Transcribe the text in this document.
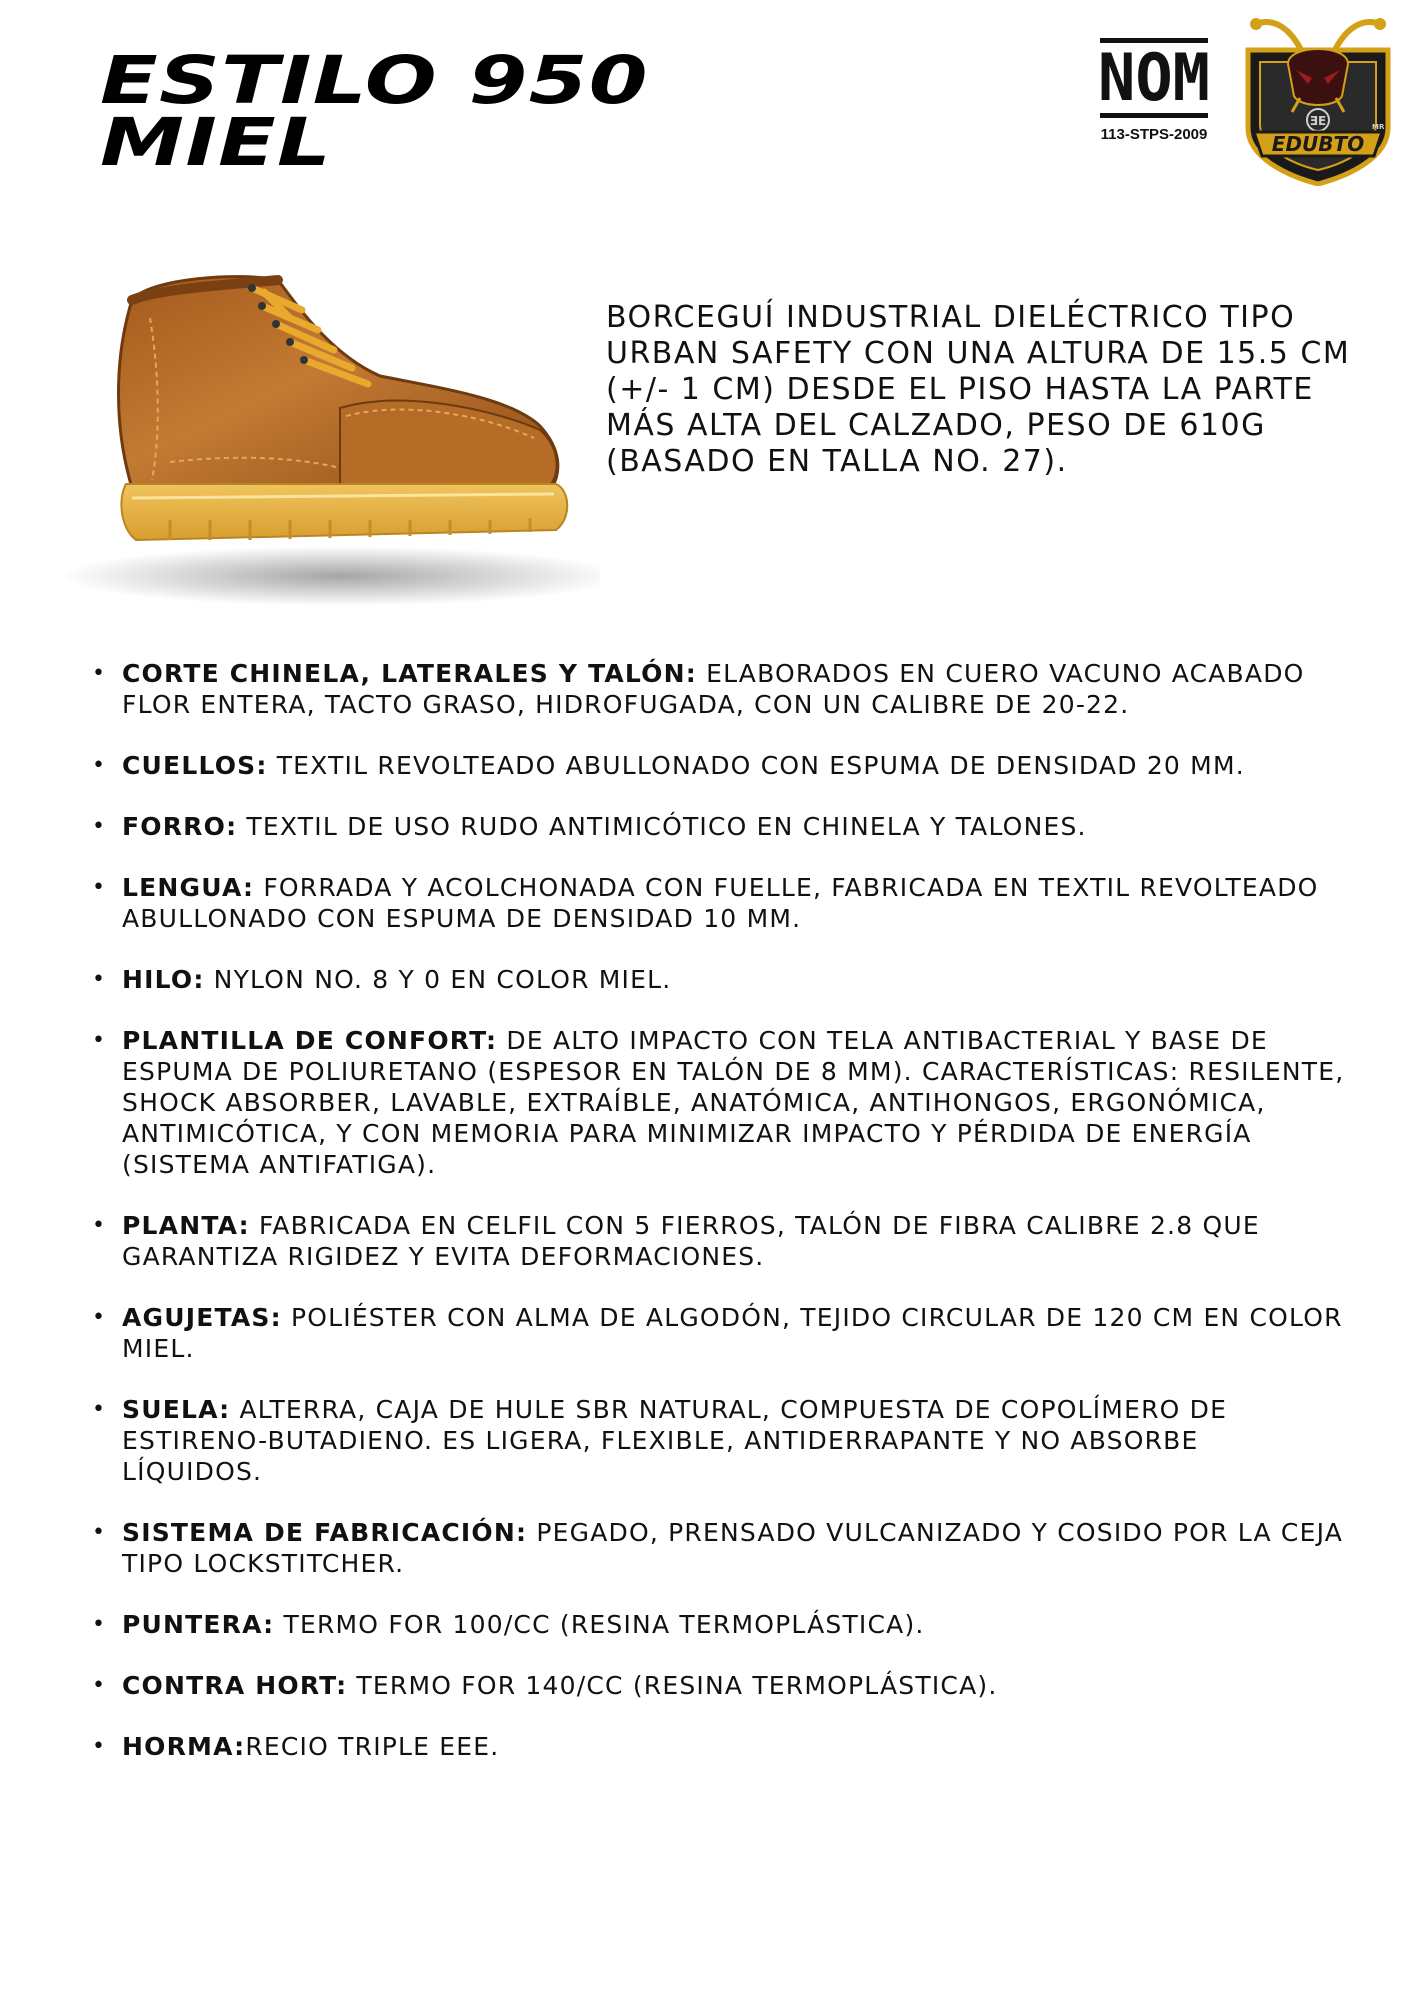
ESTILO 950
MIEL
NOM
113-STPS-2009
ƎE
EDUBTO
MR

BORCEGUÍ INDUSTRIAL DIELÉCTRICO TIPO URBAN SAFETY CON UNA ALTURA DE 15.5 CM (+/- 1 CM) DESDE EL PISO HASTA LA PARTE MÁS ALTA DEL CALZADO, PESO DE 610G (BASADO EN TALLA NO. 27).

• CORTE CHINELA, LATERALES Y TALÓN: ELABORADOS EN CUERO VACUNO ACABADO FLOR ENTERA, TACTO GRASO, HIDROFUGADA, CON UN CALIBRE DE 20-22.
• CUELLOS: TEXTIL REVOLTEADO ABULLONADO CON ESPUMA DE DENSIDAD 20 MM.
• FORRO: TEXTIL DE USO RUDO ANTIMICÓTICO EN CHINELA Y TALONES.
• LENGUA: FORRADA Y ACOLCHONADA CON FUELLE, FABRICADA EN TEXTIL REVOLTEADO ABULLONADO CON ESPUMA DE DENSIDAD 10 MM.
• HILO: NYLON NO. 8 Y 0 EN COLOR MIEL.
• PLANTILLA DE CONFORT: DE ALTO IMPACTO CON TELA ANTIBACTERIAL Y BASE DE ESPUMA DE POLIURETANO (ESPESOR EN TALÓN DE 8 MM). CARACTERÍSTICAS: RESILENTE, SHOCK ABSORBER, LAVABLE, EXTRAÍBLE, ANATÓMICA, ANTIHONGOS, ERGONÓMICA, ANTIMICÓTICA, Y CON MEMORIA PARA MINIMIZAR IMPACTO Y PÉRDIDA DE ENERGÍA (SISTEMA ANTIFATIGA).
• PLANTA: FABRICADA EN CELFIL CON 5 FIERROS, TALÓN DE FIBRA CALIBRE 2.8 QUE GARANTIZA RIGIDEZ Y EVITA DEFORMACIONES.
• AGUJETAS: POLIÉSTER CON ALMA DE ALGODÓN, TEJIDO CIRCULAR DE 120 CM EN COLOR MIEL.
• SUELA: ALTERRA, CAJA DE HULE SBR NATURAL, COMPUESTA DE COPOLÍMERO DE ESTIRENO-BUTADIENO. ES LIGERA, FLEXIBLE, ANTIDERRAPANTE Y NO ABSORBE LÍQUIDOS.
• SISTEMA DE FABRICACIÓN: PEGADO, PRENSADO VULCANIZADO Y COSIDO POR LA CEJA TIPO LOCKSTITCHER.
• PUNTERA: TERMO FOR 100/CC (RESINA TERMOPLÁSTICA).
• CONTRA HORT: TERMO FOR 140/CC (RESINA TERMOPLÁSTICA).
• HORMA:RECIO TRIPLE EEE.
